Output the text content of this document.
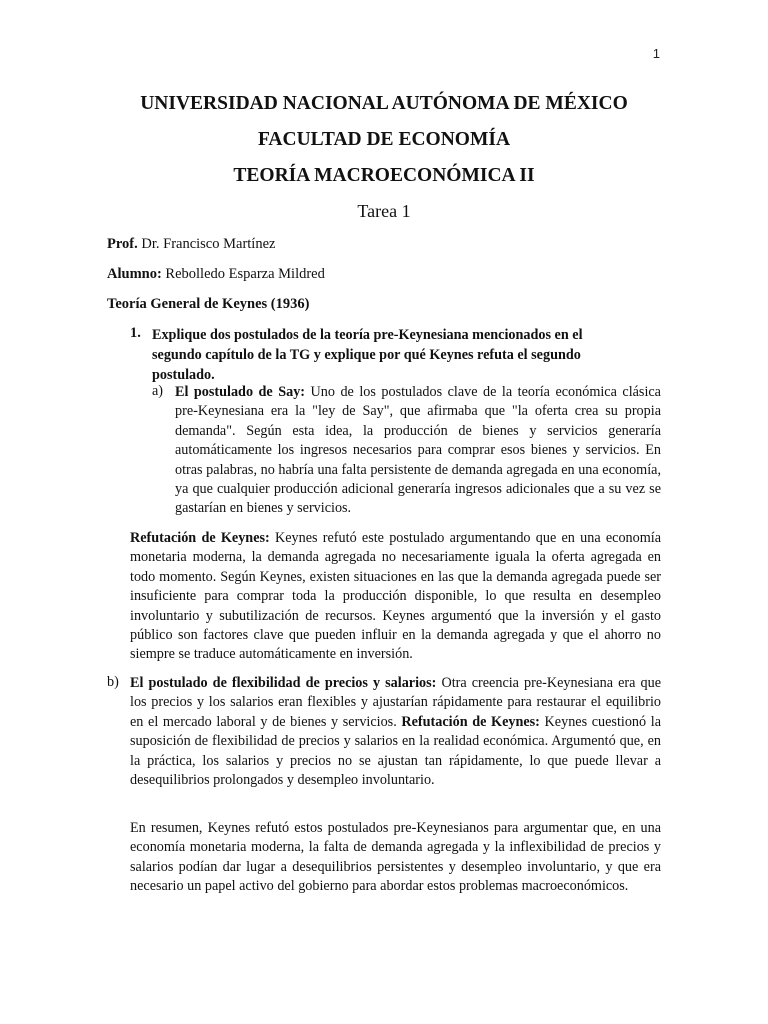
1
UNIVERSIDAD NACIONAL AUTÓNOMA DE MÉXICO
FACULTAD DE ECONOMÍA
TEORÍA MACROECONÓMICA II
Tarea 1
Prof. Dr. Francisco Martínez
Alumno: Rebolledo Esparza Mildred
Teoría General de Keynes (1936)
1. Explique dos postulados de la teoría pre-Keynesiana mencionados en el segundo capítulo de la TG y explique por qué Keynes refuta el segundo postulado.
a) El postulado de Say: Uno de los postulados clave de la teoría económica clásica pre-Keynesiana era la "ley de Say", que afirmaba que "la oferta crea su propia demanda". Según esta idea, la producción de bienes y servicios generaría automáticamente los ingresos necesarios para comprar esos bienes y servicios. En otras palabras, no habría una falta persistente de demanda agregada en una economía, ya que cualquier producción adicional generaría ingresos adicionales que a su vez se gastarían en bienes y servicios.
Refutación de Keynes: Keynes refutó este postulado argumentando que en una economía monetaria moderna, la demanda agregada no necesariamente iguala la oferta agregada en todo momento. Según Keynes, existen situaciones en las que la demanda agregada puede ser insuficiente para comprar toda la producción disponible, lo que resulta en desempleo involuntario y subutilización de recursos. Keynes argumentó que la inversión y el gasto público son factores clave que pueden influir en la demanda agregada y que el ahorro no siempre se traduce automáticamente en inversión.
b) El postulado de flexibilidad de precios y salarios: Otra creencia pre-Keynesiana era que los precios y los salarios eran flexibles y ajustarían rápidamente para restaurar el equilibrio en el mercado laboral y de bienes y servicios. Refutación de Keynes: Keynes cuestionó la suposición de flexibilidad de precios y salarios en la realidad económica. Argumentó que, en la práctica, los salarios y precios no se ajustan tan rápidamente, lo que puede llevar a desequilibrios prolongados y desempleo involuntario.
En resumen, Keynes refutó estos postulados pre-Keynesianos para argumentar que, en una economía monetaria moderna, la falta de demanda agregada y la inflexibilidad de precios y salarios podían dar lugar a desequilibrios persistentes y desempleo involuntario, y que era necesario un papel activo del gobierno para abordar estos problemas macroeconómicos.
